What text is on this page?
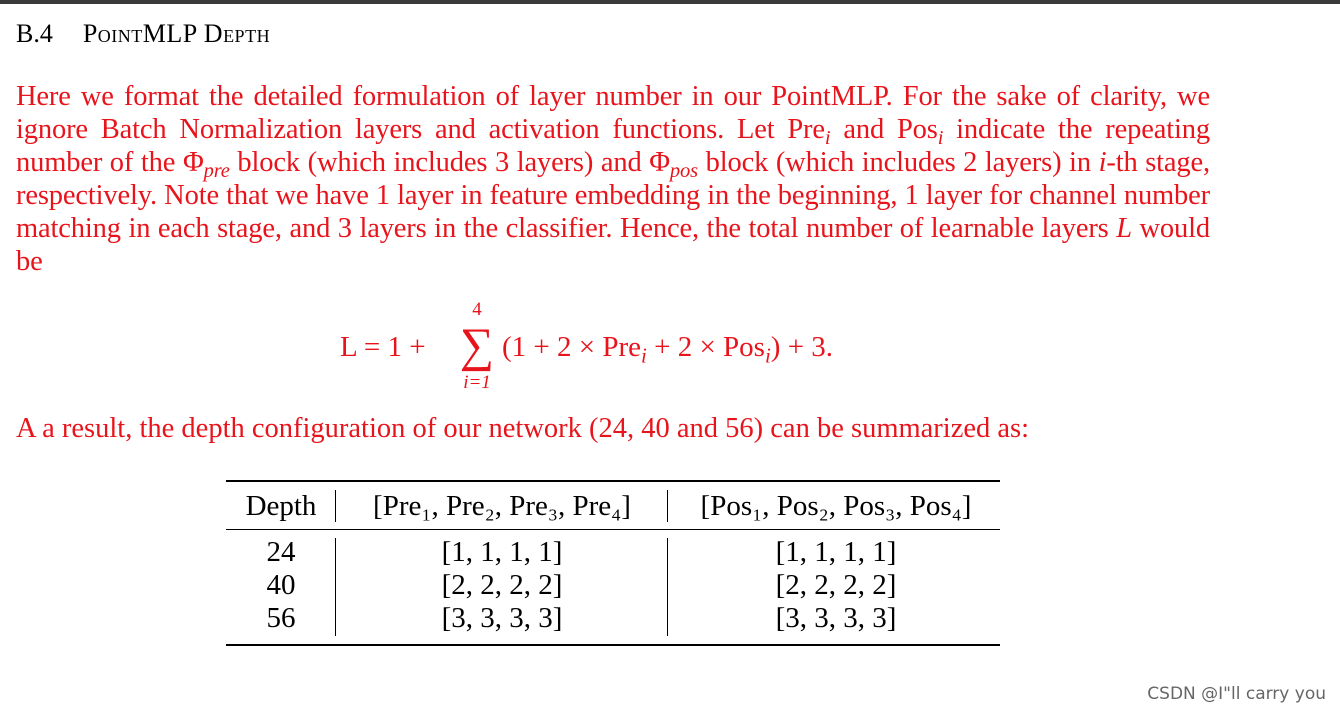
B.4 PointMLP Depth

Here we format the detailed formulation of layer number in our PointMLP. For the sake of clarity, we ignore Batch Normalization layers and activation functions. Let Pre$_i$ and Pos$_i$ indicate the repeating number of the $\Phi_{pre}$ block (which includes 3 layers) and $\Phi_{pos}$ block (which includes 2 layers) in i-th stage, respectively. Note that we have 1 layer in feature embedding in the beginning, 1 layer for channel number matching in each stage, and 3 layers in the classifier. Hence, the total number of learnable layers L would be

L = 1 +
4
∑
i=1
(1 + 2 × Pre$_i$ + 2 × Pos$_i$) + 3.

A a result, the depth configuration of our network (24, 40 and 56) can be summarized as:

Depth	[Pre₁, Pre₂, Pre₃, Pre₄]	[Pos₁, Pos₂, Pos₃, Pos₄]
24	[1, 1, 1, 1]	[1, 1, 1, 1]
40	[2, 2, 2, 2]	[2, 2, 2, 2]
56	[3, 3, 3, 3]	[3, 3, 3, 3]
CSDN @I"ll carry you
